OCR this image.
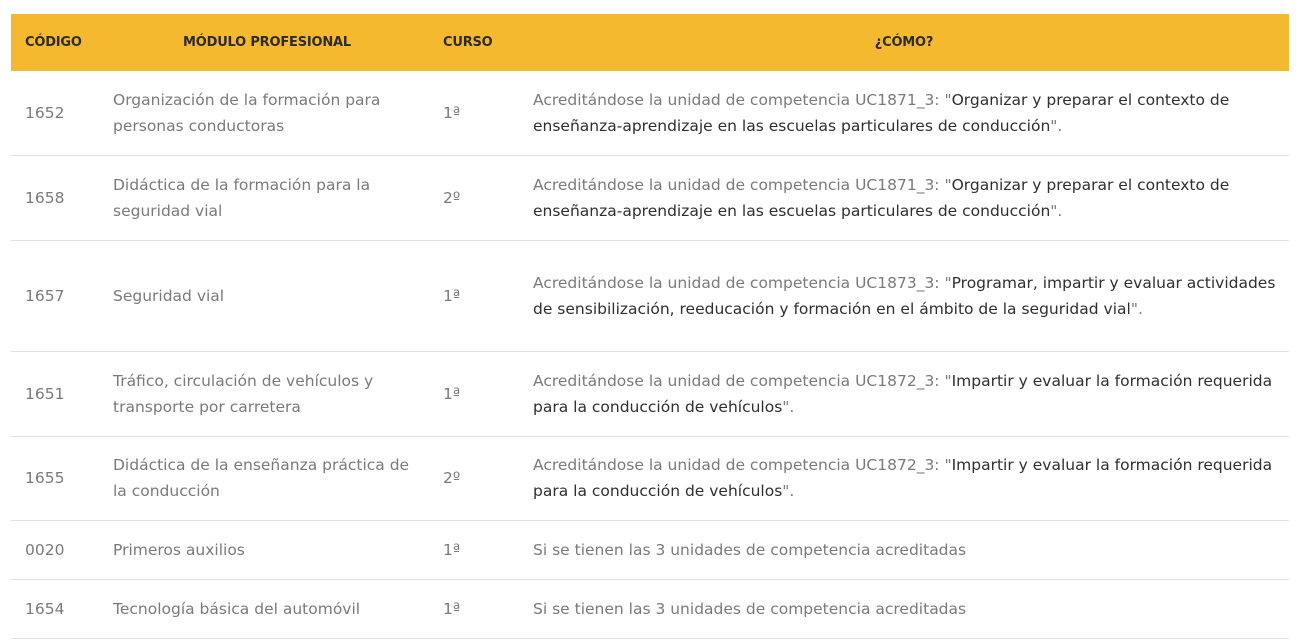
CÓDIGO	MÓDULO PROFESIONAL	CURSO	¿CÓMO?
1652	Organización de la formación para personas conductoras	1ª	Acreditándose la unidad de competencia UC1871_3: "Organizar y preparar el contexto de enseñanza-aprendizaje en las escuelas particulares de conducción".
1658	Didáctica de la formación para la seguridad vial	2º	Acreditándose la unidad de competencia UC1871_3: "Organizar y preparar el contexto de enseñanza-aprendizaje en las escuelas particulares de conducción".
1657	Seguridad vial	1ª	Acreditándose la unidad de competencia UC1873_3: "Programar, impartir y evaluar actividades de sensibilización, reeducación y formación en el ámbito de la seguridad vial".
1651	Tráfico, circulación de vehículos y transporte por carretera	1ª	Acreditándose la unidad de competencia UC1872_3: "Impartir y evaluar la formación requerida para la conducción de vehículos".
1655	Didáctica de la enseñanza práctica de la conducción	2º	Acreditándose la unidad de competencia UC1872_3: "Impartir y evaluar la formación requerida para la conducción de vehículos".
0020	Primeros auxilios	1ª	Si se tienen las 3 unidades de competencia acreditadas
1654	Tecnología básica del automóvil	1ª	Si se tienen las 3 unidades de competencia acreditadas
